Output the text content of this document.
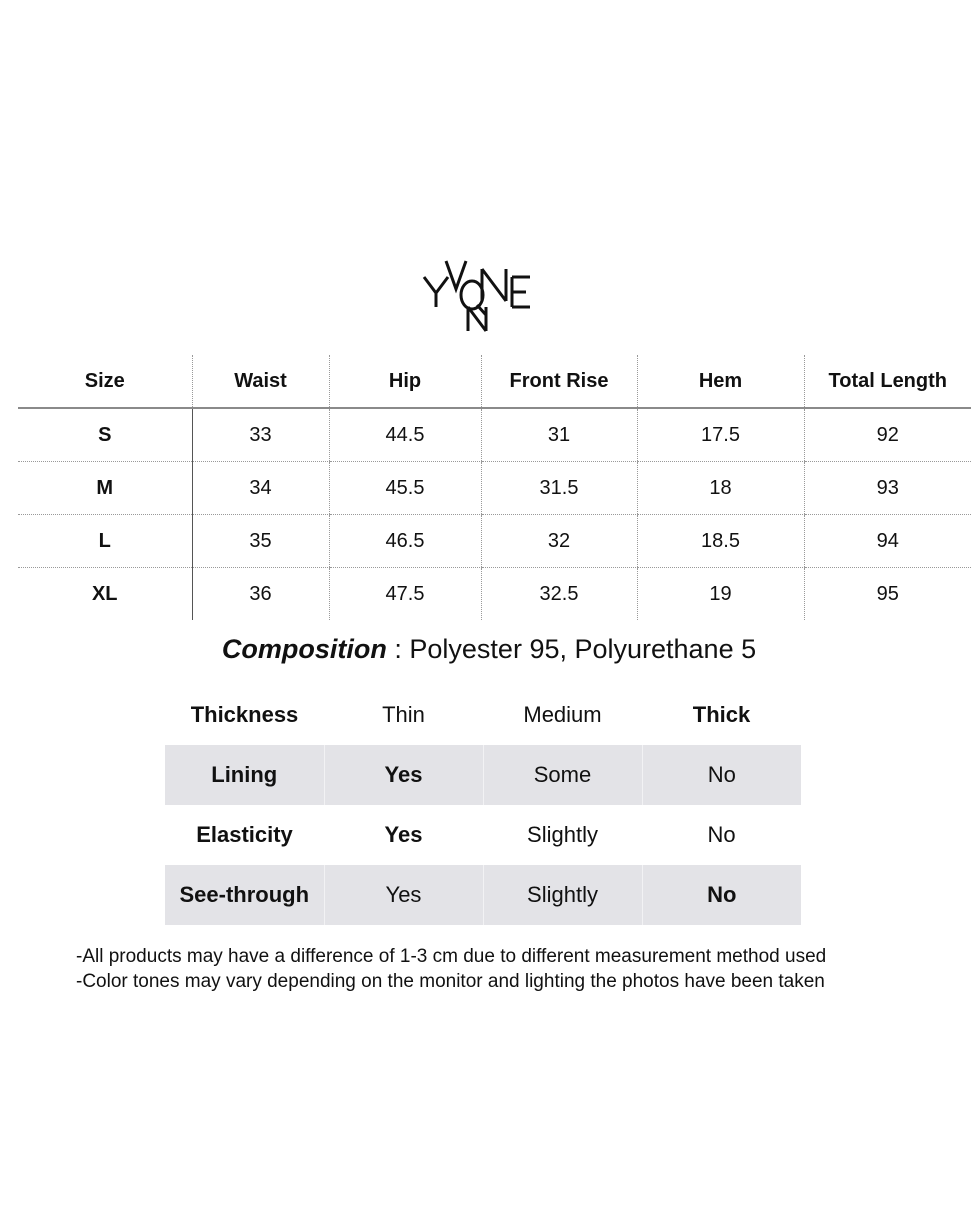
Size	Waist	Hip	Front Rise	Hem	Total Length
S	33	44.5	31	17.5	92
M	34	45.5	31.5	18	93
L	35	46.5	32	18.5	94
XL	36	47.5	32.5	19	95
Composition : Polyester 95, Polyurethane 5
Thickness	Thin	Medium	Thick
Lining	Yes	Some	No
Elasticity	Yes	Slightly	No
See-through	Yes	Slightly	No
-All products may have a difference of 1-3 cm due to different measurement method used
-Color tones may vary depending on the monitor and lighting the photos have been taken
